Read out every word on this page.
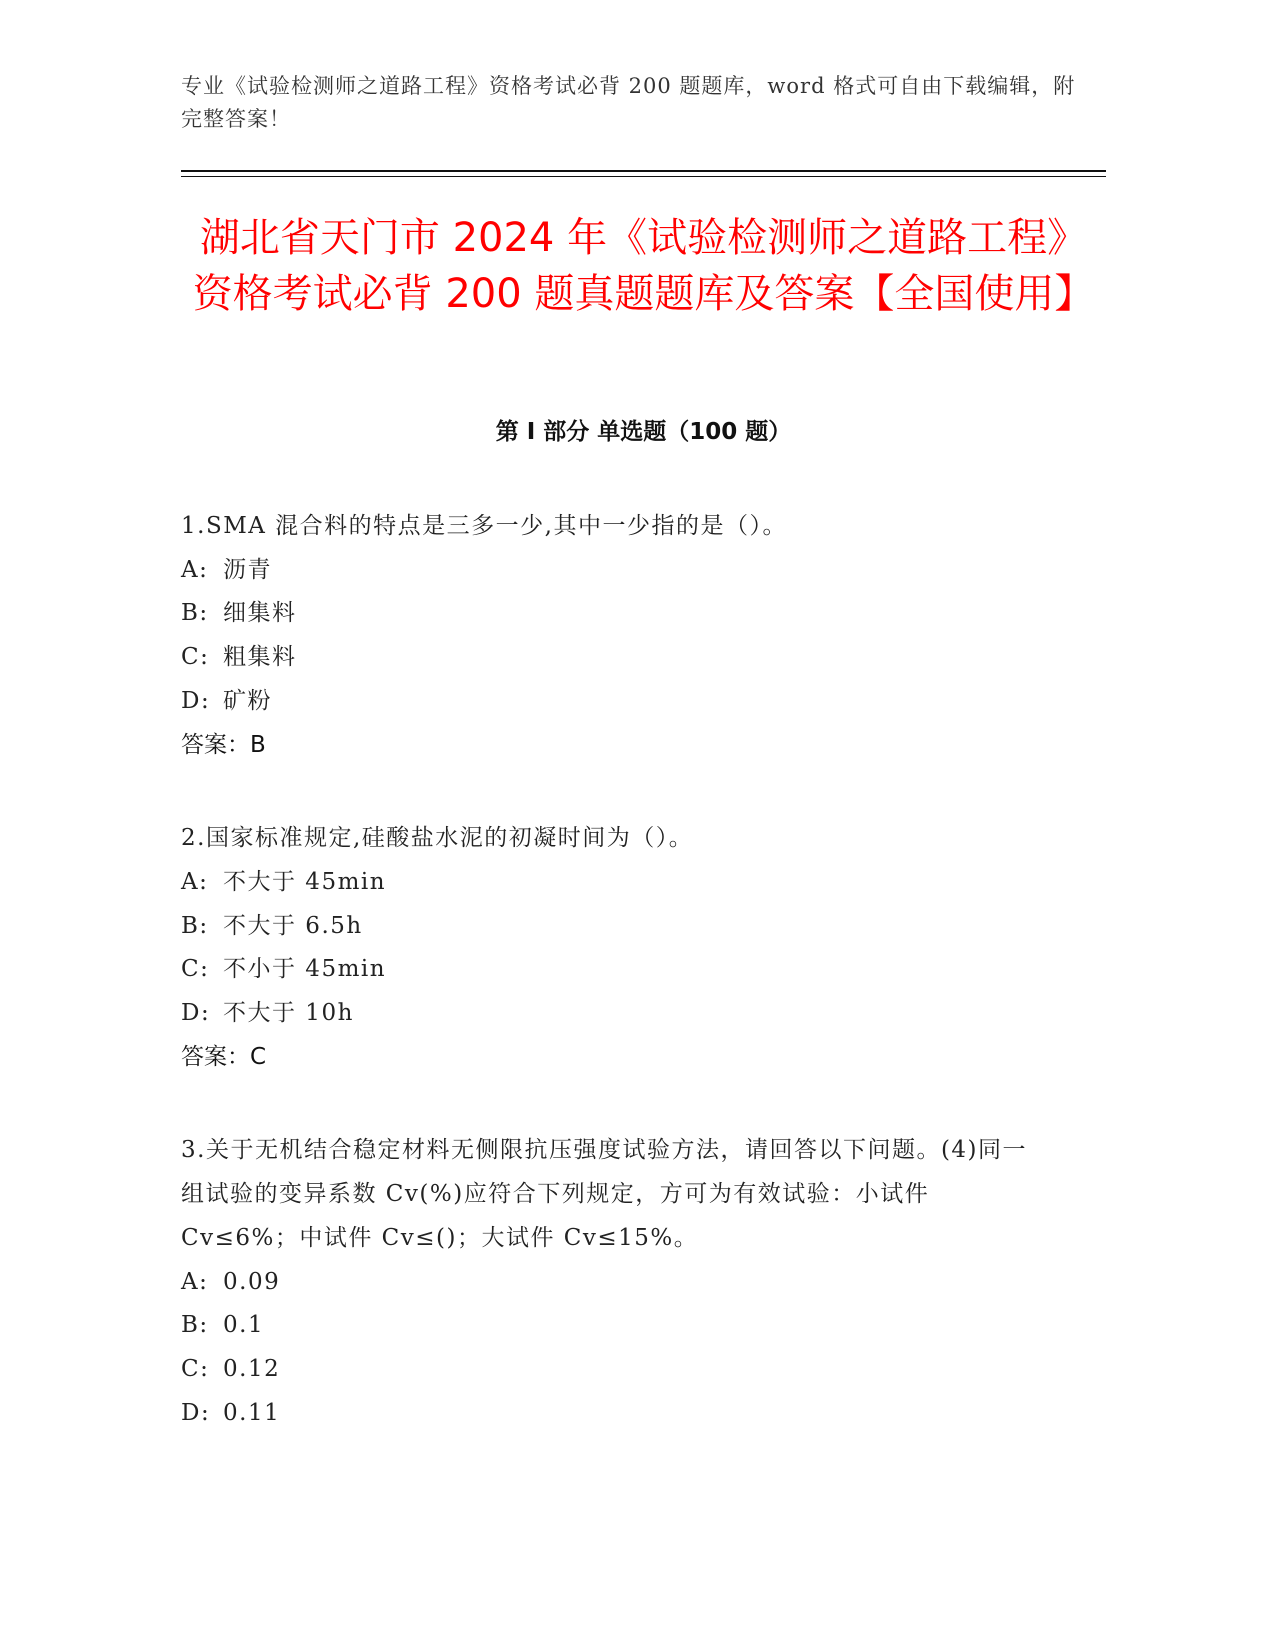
专业《试验检测师之道路工程》资格考试必背 200 题题库，word 格式可自由下载编辑，附完整答案！
湖北省天门市 2024 年《试验检测师之道路工程》资格考试必背 200 题真题题库及答案【全国使用】
第 I 部分 单选题（100 题）

1.SMA 混合料的特点是三多一少,其中一少指的是（）。

A: 沥青

B: 细集料

C: 粗集料

D: 矿粉

答案：B

2.国家标准规定,硅酸盐水泥的初凝时间为（）。

A: 不大于 45min

B: 不大于 6.5h

C: 不小于 45min

D: 不大于 10h

答案：C

3.关于无机结合稳定材料无侧限抗压强度试验方法，请回答以下问题。(4)同一组试验的变异系数 Cv(%)应符合下列规定，方可为有效试验：小试件 Cv≤6%；中试件 Cv≤()；大试件 Cv≤15%。

A: 0.09

B: 0.1

C: 0.12

D: 0.11
